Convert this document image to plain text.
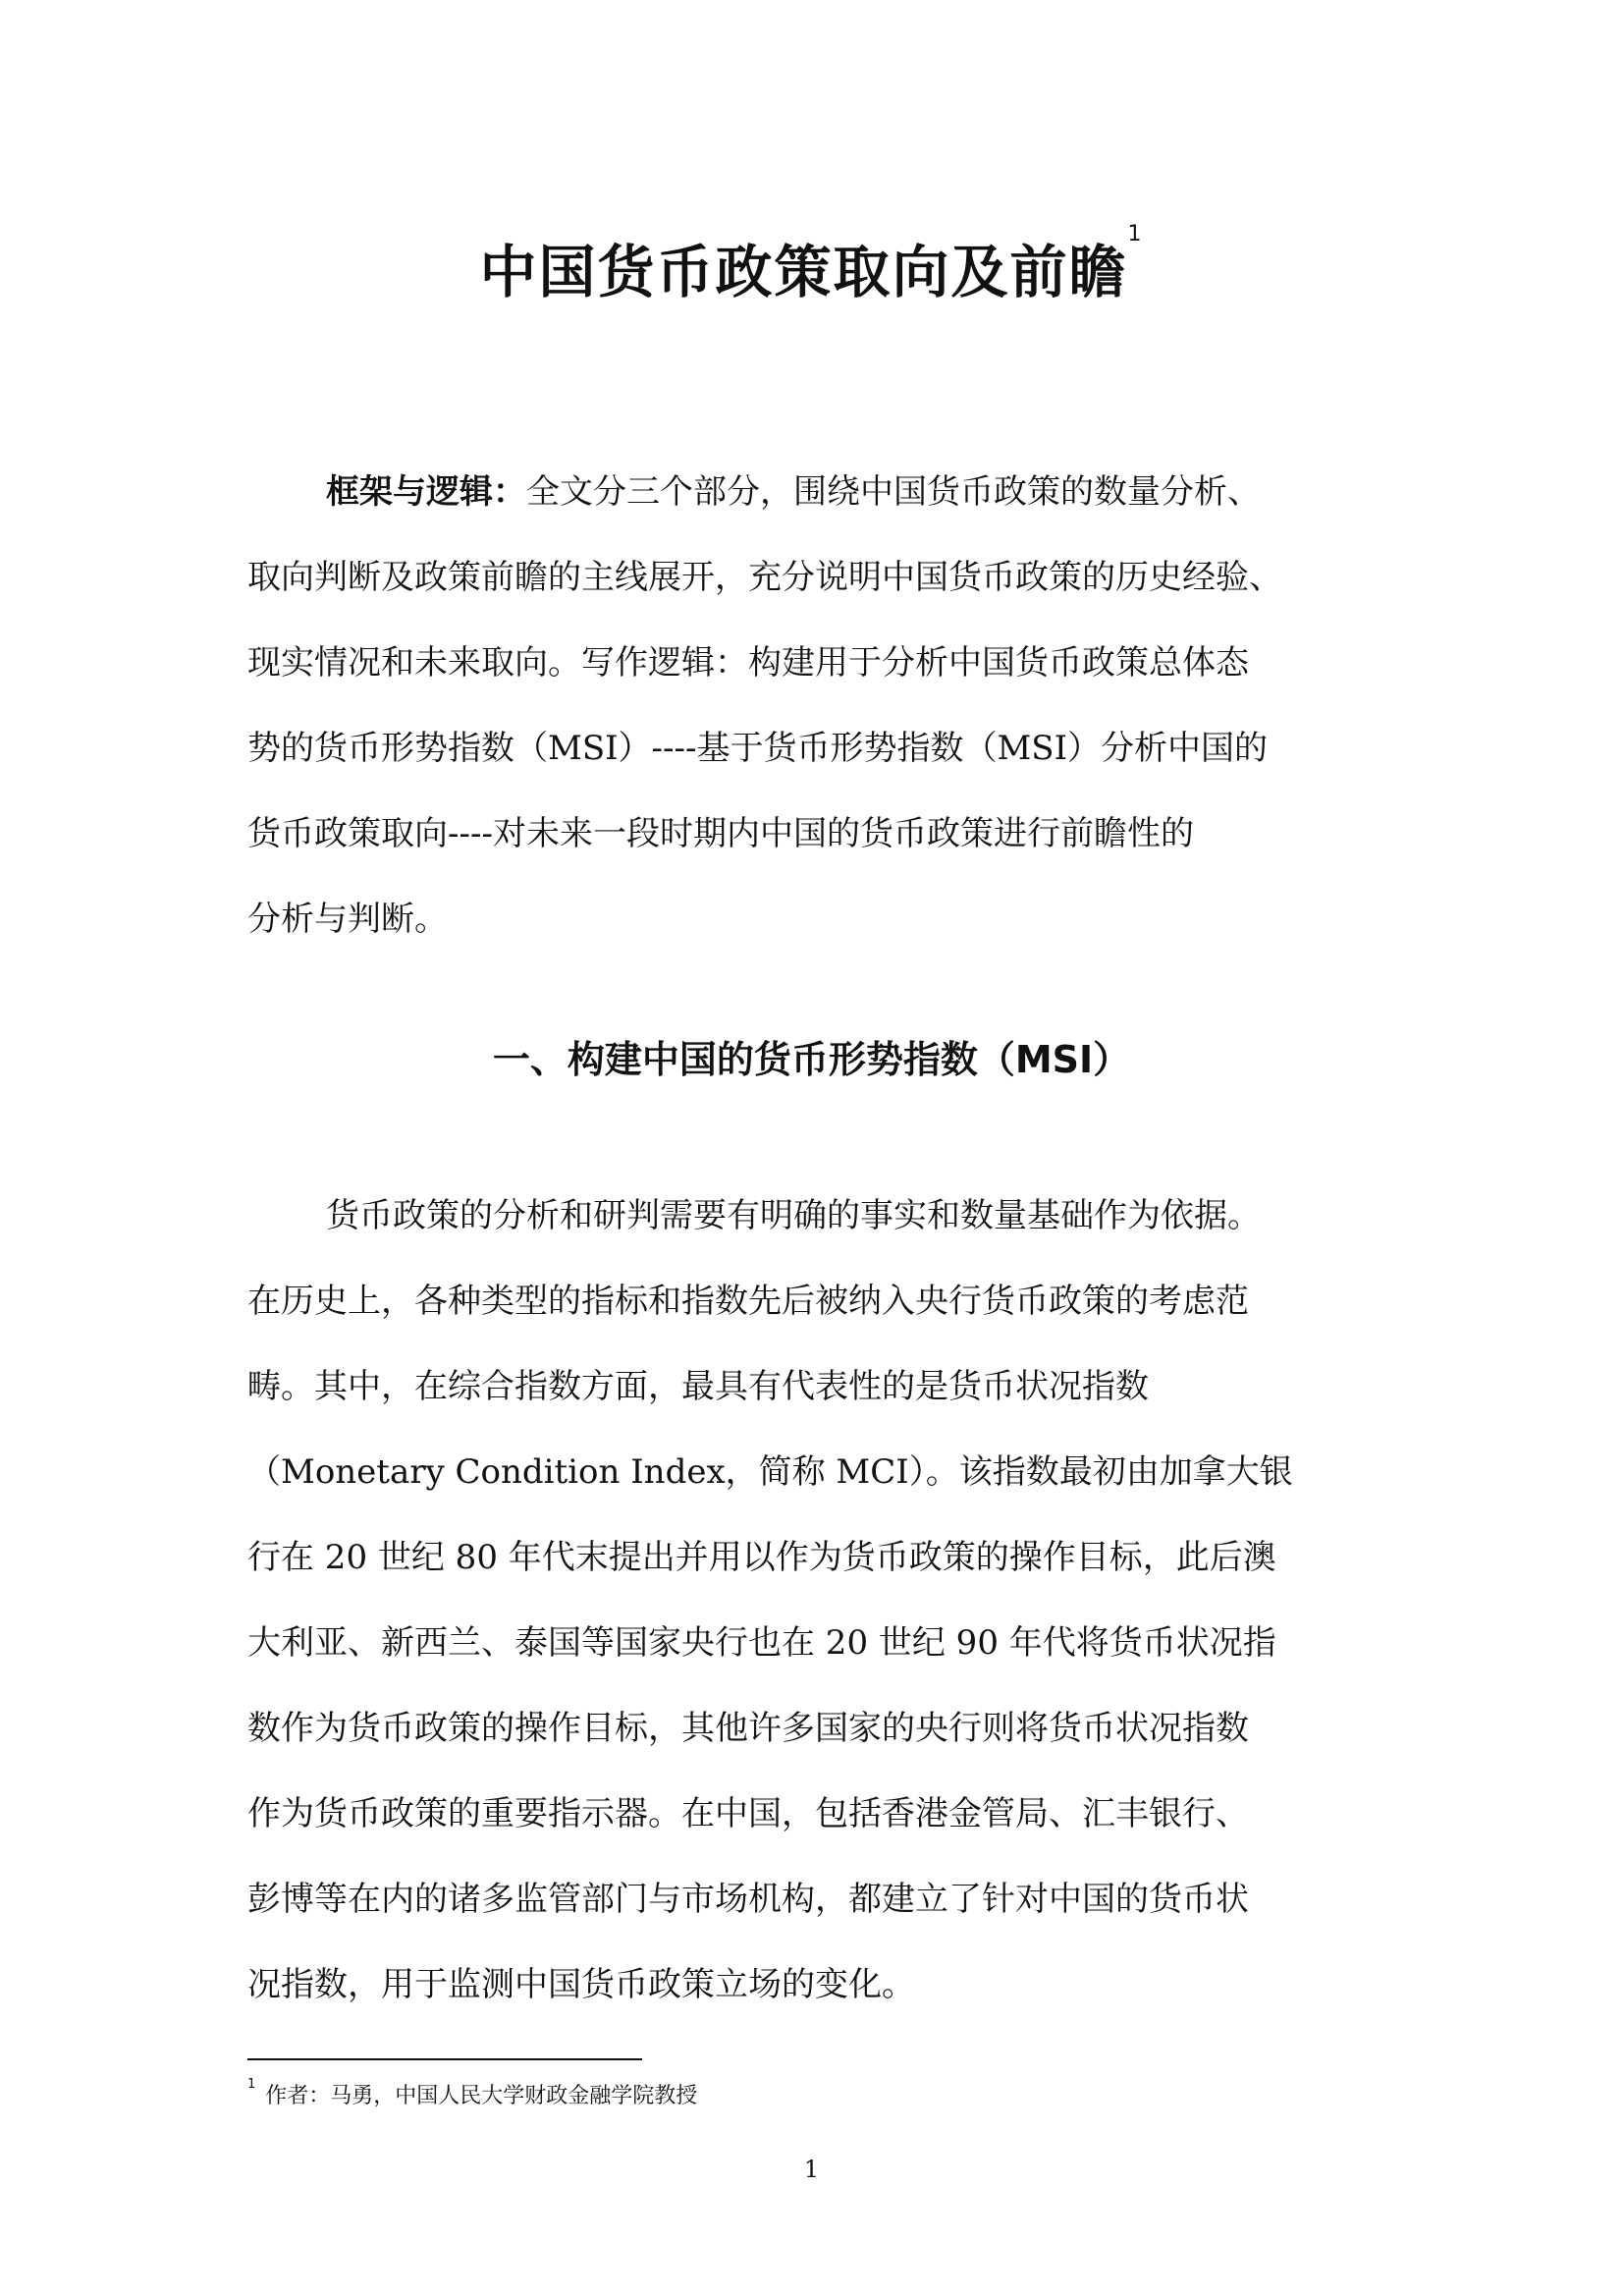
中国货币政策取向及前瞻$^1$
框架与逻辑：全文分三个部分，围绕中国货币政策的数量分析、
取向判断及政策前瞻的主线展开，充分说明中国货币政策的历史经验、
现实情况和未来取向。写作逻辑：构建用于分析中国货币政策总体态
势的货币形势指数（MSI）----基于货币形势指数（MSI）分析中国的
货币政策取向----对未来一段时期内中国的货币政策进行前瞻性的
分析与判断。
一、构建中国的货币形势指数（MSI）
货币政策的分析和研判需要有明确的事实和数量基础作为依据。
在历史上，各种类型的指标和指数先后被纳入央行货币政策的考虑范
畴。其中，在综合指数方面，最具有代表性的是货币状况指数
（Monetary Condition Index，简称 MCI）。该指数最初由加拿大银
行在 20 世纪 80 年代末提出并用以作为货币政策的操作目标，此后澳
大利亚、新西兰、泰国等国家央行也在 20 世纪 90 年代将货币状况指
数作为货币政策的操作目标，其他许多国家的央行则将货币状况指数
作为货币政策的重要指示器。在中国，包括香港金管局、汇丰银行、
彭博等在内的诸多监管部门与市场机构，都建立了针对中国的货币状
况指数，用于监测中国货币政策立场的变化。
$^1$ 作者：马勇，中国人民大学财政金融学院教授
1
